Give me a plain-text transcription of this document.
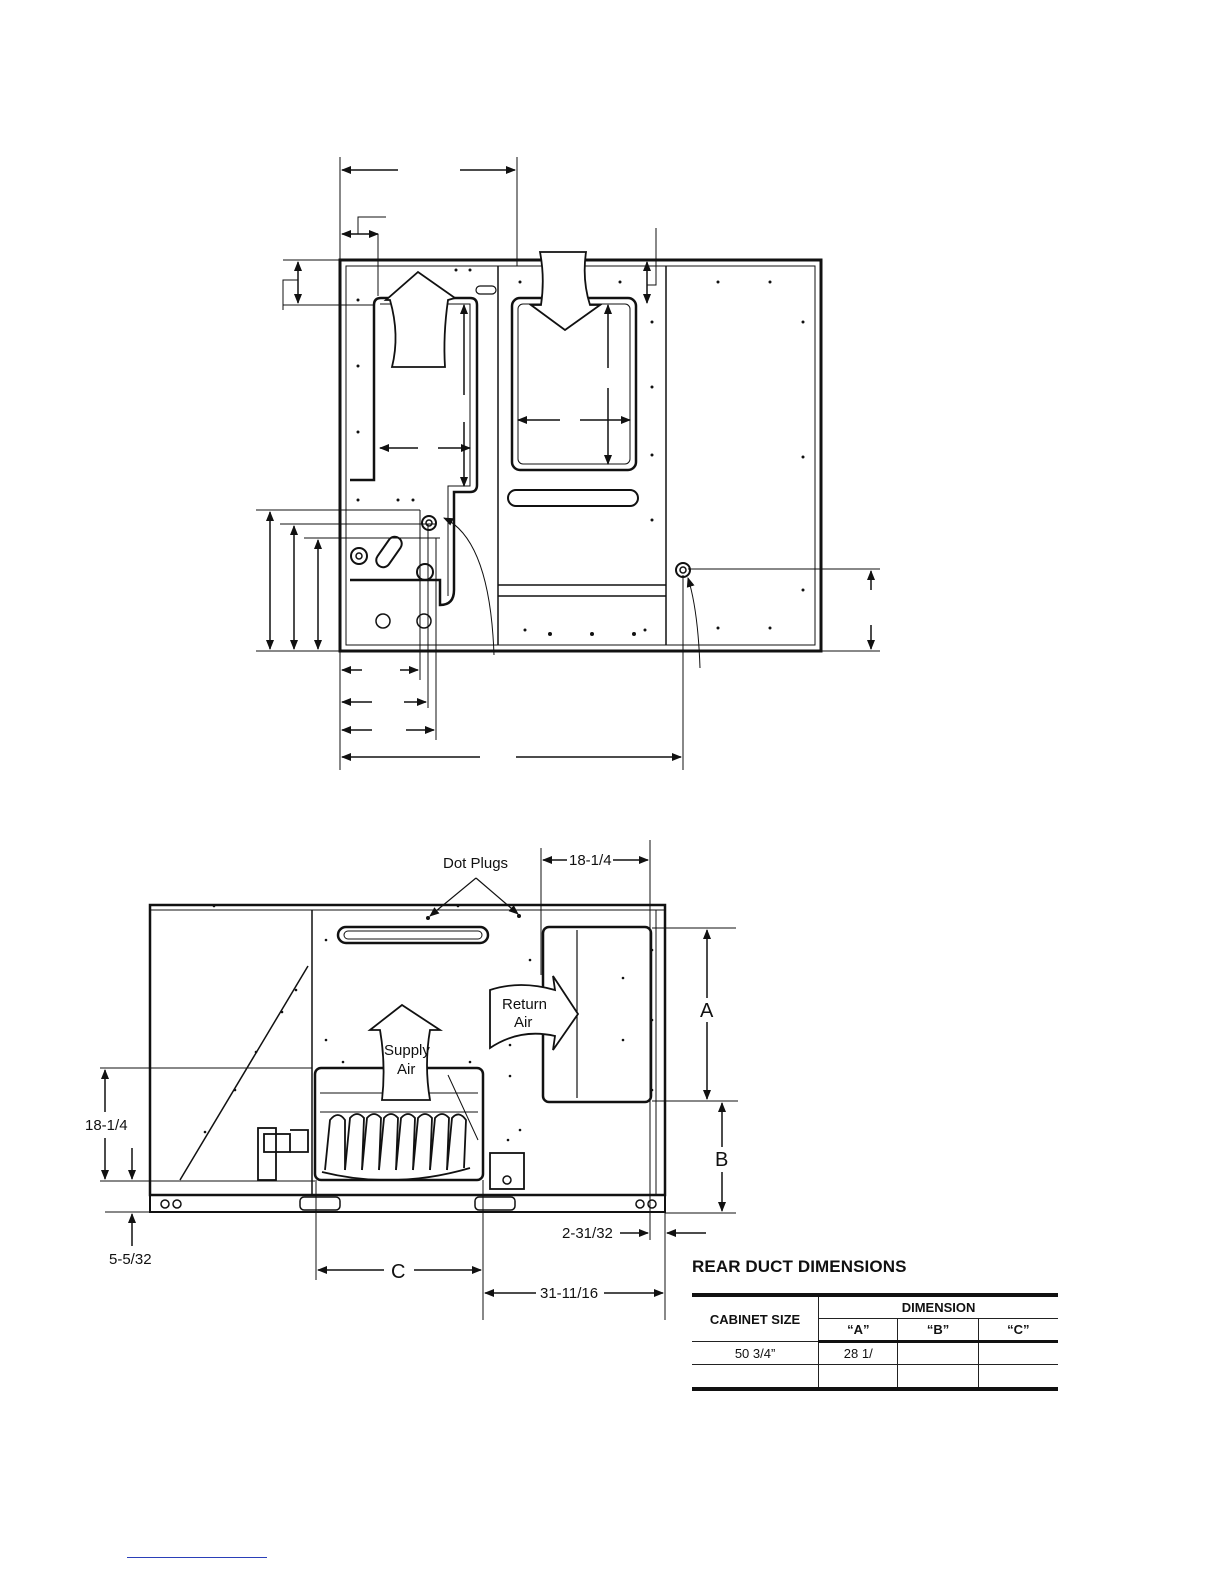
Dot Plugs	18-1/4
Return
Air
Supply
Air
A
B
C
18-1/4
5-5/32
2-31/32
31-11/16
REAR DUCT DIMENSIONS
CABINET SIZE	DIMENSION		
	“A”	“B”	“C”
50 3/4”	28 1/		
